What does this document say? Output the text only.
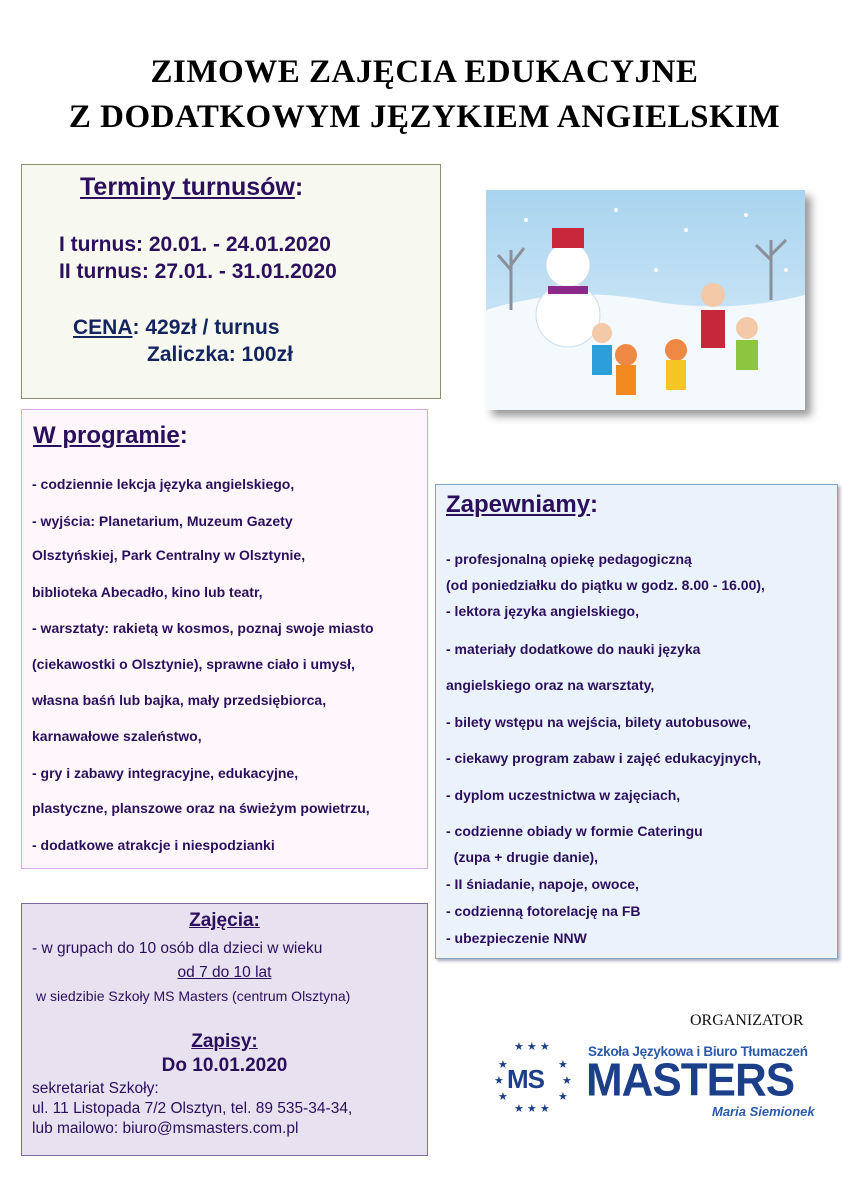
ZIMOWE ZAJĘCIA EDUKACYJNE
Z DODATKOWYM JĘZYKIEM ANGIELSKIM
Terminy turnusów:
I turnus: 20.01. - 24.01.2020
II turnus: 27.01. - 31.01.2020
CENA: 429zł / turnus
Zaliczka: 100zł
W programie:
- codziennie lekcja języka angielskiego,
- wyjścia: Planetarium, Muzeum Gazety
Olsztyńskiej, Park Centralny w Olsztynie,
biblioteka Abecadło, kino lub teatr,
- warsztaty: rakietą w kosmos, poznaj swoje miasto
(ciekawostki o Olsztynie), sprawne ciało i umysł,
własna baśń lub bajka, mały przedsiębiorca,
karnawałowe szaleństwo,
- gry i zabawy integracyjne, edukacyjne,
plastyczne, planszowe oraz na świeżym powietrzu,
- dodatkowe atrakcje i niespodzianki
Zapewniamy:
- profesjonalną opiekę pedagogiczną
(od poniedziałku do piątku w godz. 8.00 - 16.00),
- lektora języka angielskiego,
- materiały dodatkowe do nauki języka
angielskiego oraz na warsztaty,
- bilety wstępu na wejścia, bilety autobusowe,
- ciekawy program zabaw i zajęć edukacyjnych,
- dyplom uczestnictwa w zajęciach,
- codzienne obiady w formie Cateringu
(zupa + drugie danie),
- II śniadanie, napoje, owoce,
- codzienną fotorelację na FB
- ubezpieczenie NNW
Zajęcia:
- w grupach do 10 osób dla dzieci w wieku
od 7 do 10 lat
w siedzibie Szkoły MS Masters (centrum Olsztyna)
Zapisy:
Do 10.01.2020
sekretariat Szkoły:
ul. 11 Listopada 7/2 Olsztyn, tel. 89 535-34-34,
lub mailowo: biuro@msmasters.com.pl
ORGANIZATOR
★ ★ ★
★	★
★	★
★	★
★ ★ ★
MS
Szkoła Językowa i Biuro Tłumaczeń
MASTERS
Maria Siemionek
